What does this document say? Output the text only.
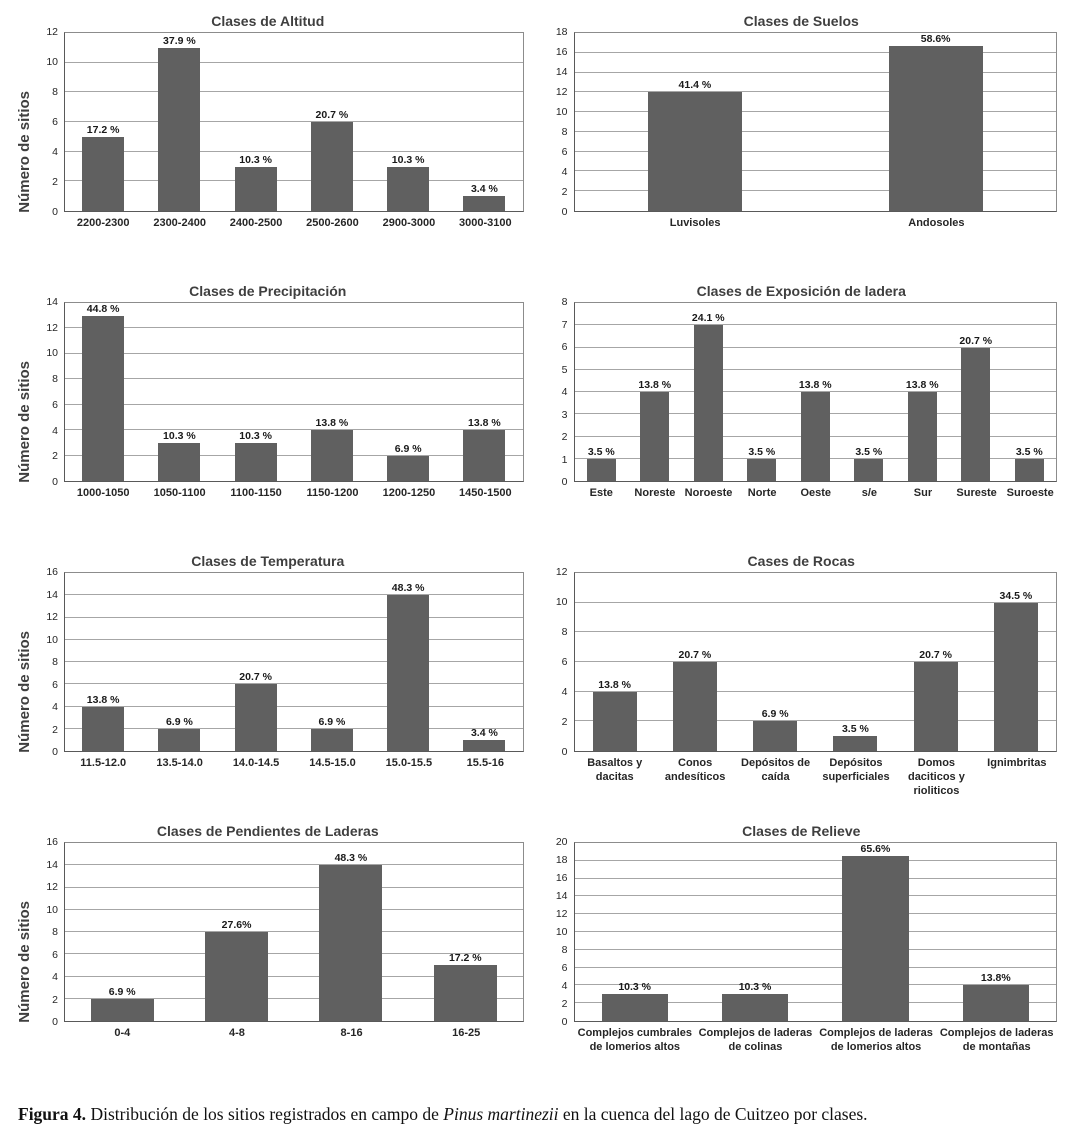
Clases de Altitud
Número de sitios 0
2
4
6
8
10
12
17.2 %
37.9 %
10.3 %
20.7 %
10.3 %
3.4 %
2200-2300	2300-2400	2400-2500	2500-2600	2900-3000	3000-3100
Clases de Suelos
0
2
4
6
8
10
12
14
16
18
41.4 %
58.6%
Luvisoles	Andosoles
Clases de Precipitación
Número de sitios 0
2
4
6
8
10
12
14
44.8 %
10.3 %	10.3 %
13.8 %
6.9 %
13.8 %
1000-1050	1050-1100	1100-1150	1150-1200	1200-1250	1450-1500
Clases de Exposición de ladera
0
1
2
3
4
5
6
7
8
3.5 %
13.8 %
24.1 %
3.5 %
13.8 %
3.5 %
13.8 %
20.7 %
3.5 %
Este	Noreste Noroeste	Norte	Oeste	s/e	Sur	Sureste Suroeste
Clases de Temperatura
Número de sitios 0
2
4
6
8
10
12
14
16
13.8 %
6.9 %
20.7 %
6.9 %
48.3 %
3.4 %
11.5-12.0	13.5-14.0	14.0-14.5	14.5-15.0	15.0-15.5	15.5-16
Cases de Rocas
0
2
4
6
8
10
12
13.8 %
20.7 %
6.9 %
3.5 %
20.7 %
34.5 %
Basaltos y dacitas
Conos andesíticos
Depósitos de caída
Depósitos superficiales
Domos daciticos y rioliticos
Ignimbritas
Clases de Pendientes de Laderas
Número de sitios 0
2
4
6
8
10
12
14
16
6.9 %
27.6%
48.3 %
17.2 %
0-4	4-8	8-16	16-25
Clases de Relieve
0
2
4
6
8
10
12
14
16
18
20
10.3 %	10.3 %
65.6%
13.8%
Complejos cumbrales de lomerios altos
Complejos de laderas de colinas
Complejos de laderas de lomerios altos
Complejos de laderas de montañas
Figura 4. Distribución de los sitios registrados en campo de Pinus martinezii en la cuenca del lago de Cuitzeo por clases.
